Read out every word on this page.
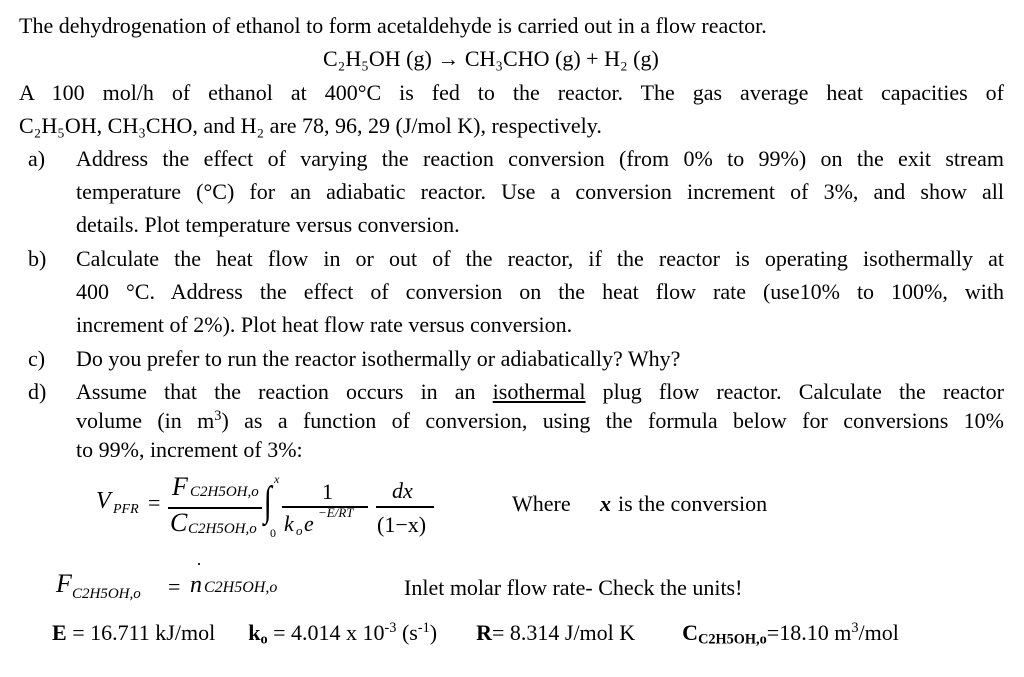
The dehydrogenation of ethanol to form acetaldehyde is carried out in a flow reactor.
C₂H₅OH (g) → CH₃CHO (g) + H₂ (g)
A 100 mol/h of ethanol at 400°C is fed to the reactor. The gas average heat capacities of
C₂H₅OH, CH₃CHO, and H₂ are 78, 96, 29 (J/mol K), respectively.
a) Address the effect of varying the reaction conversion (from 0% to 99%) on the exit stream
temperature (°C) for an adiabatic reactor. Use a conversion increment of 3%, and show all
details. Plot temperature versus conversion.
b) Calculate the heat flow in or out of the reactor, if the reactor is operating isothermally at
400 °C. Address the effect of conversion on the heat flow rate (use10% to 100%, with
increment of 2%). Plot heat flow rate versus conversion.
c) Do you prefer to run the reactor isothermally or adiabatically? Why?
d) Assume that the reaction occurs in an isothermal plug flow reactor. Calculate the reactor
volume (in $m^3$) as a function of conversion, using the formula below for conversions 10%
to 99%, increment of 3%:
V PFR =
F C2H5OH,o
C C2H5OH,o
x
∫
0
1
k o e −E/RT
dx
(1−x)
Where x is the conversion
F C2H5OH,o =
·
n C2H5OH,o	Inlet molar flow rate- Check the units!
E = 16.711 kJ/mol $k_o = 4.014$ x $10^{-3}$ $(s^{-1})$ R= 8.314 J/mol K $C_{C2H5OH,o}=18.10$ $m^3$/mol
